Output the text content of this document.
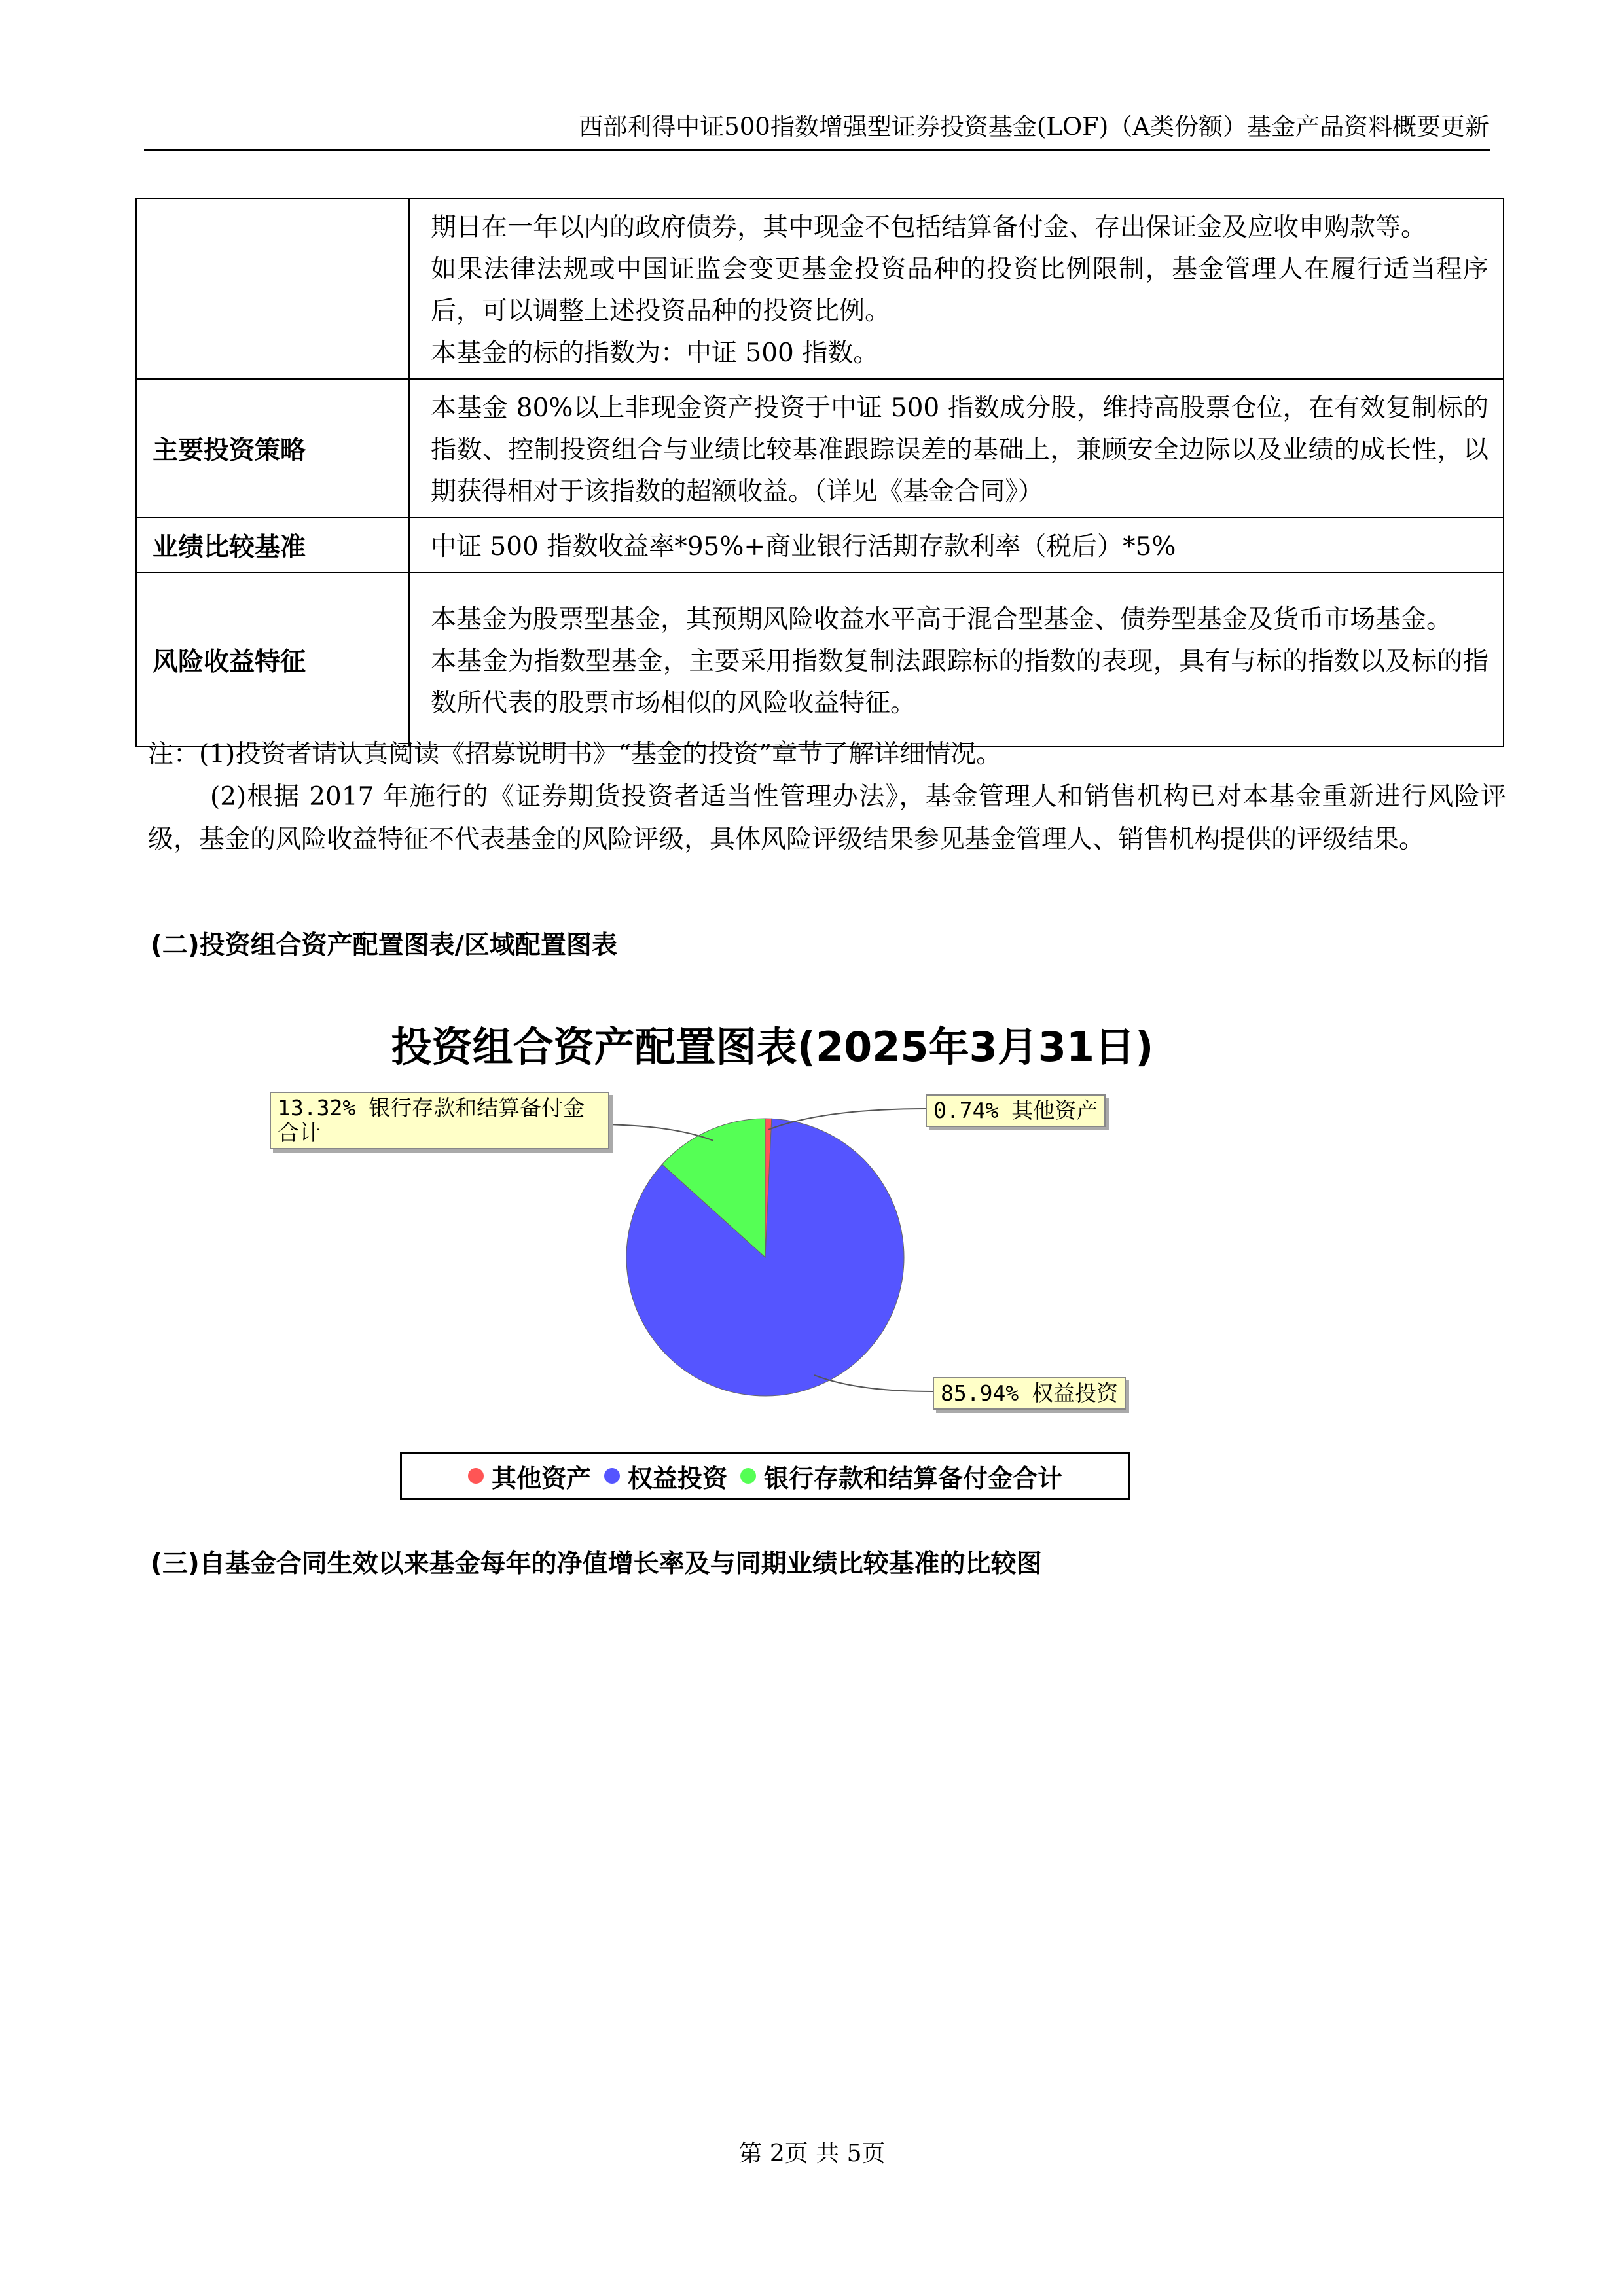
西部利得中证500指数增强型证券投资基金(LOF)（A类份额）基金产品资料概要更新

	期日在一年以内的政府债券，其中现金不包括结算备付金、存出保证金及应收申购款等。
如果法律法规或中国证监会变更基金投资品种的投资比例限制，基金管理人在履行适当程序后，可以调整上述投资品种的投资比例。
本基金的标的指数为：中证 500 指数。

主要投资策略	本基金 80%以上非现金资产投资于中证 500 指数成分股，维持高股票仓位，在有效复制标的指数、控制投资组合与业绩比较基准跟踪误差的基础上，兼顾安全边际以及业绩的成长性，以期获得相对于该指数的超额收益。（详见《基金合同》）

业绩比较基准	中证 500 指数收益率*95%+商业银行活期存款利率（税后）*5%

风险收益特征	本基金为股票型基金，其预期风险收益水平高于混合型基金、债券型基金及货币市场基金。
本基金为指数型基金，主要采用指数复制法跟踪标的指数的表现，具有与标的指数以及标的指数所代表的股票市场相似的风险收益特征。
注：(1)投资者请认真阅读《招募说明书》“基金的投资”章节了解详细情况。
(2)根据 2017 年施行的《证券期货投资者适当性管理办法》，基金管理人和销售机构已对本基金重新进行风险评级，基金的风险收益特征不代表基金的风险评级，具体风险评级结果参见基金管理人、销售机构提供的评级结果。
(二)投资组合资产配置图表/区域配置图表
投资组合资产配置图表(2025年3月31日)
13.32% 银行存款和结算备付金合计
0.74% 其他资产
85.94% 权益投资
其他资产 权益投资 银行存款和结算备付金合计
(三)自基金合同生效以来基金每年的净值增长率及与同期业绩比较基准的比较图
第 2页 共 5页
